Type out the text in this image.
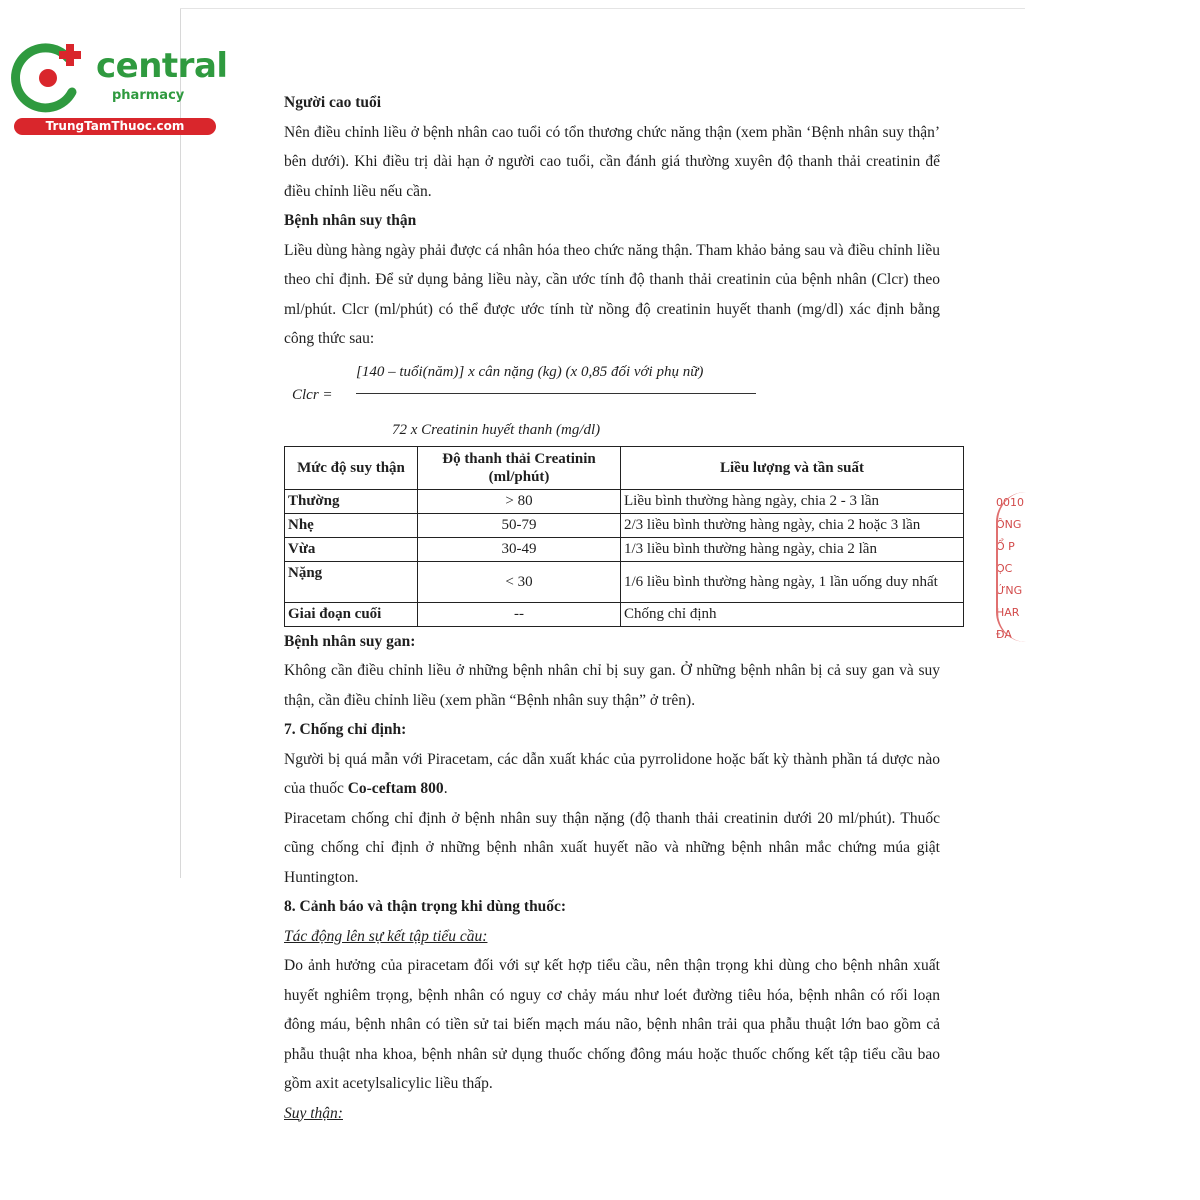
central
pharmacy
TrungTamThuoc.com

Người cao tuổi

Nên điều chỉnh liều ở bệnh nhân cao tuổi có tổn thương chức năng thận (xem phần ‘Bệnh nhân suy thận’ bên dưới). Khi điều trị dài hạn ở người cao tuổi, cần đánh giá thường xuyên độ thanh thải creatinin để điều chỉnh liều nếu cần.

Bệnh nhân suy thận

Liều dùng hàng ngày phải được cá nhân hóa theo chức năng thận. Tham khảo bảng sau và điều chỉnh liều theo chỉ định. Để sử dụng bảng liều này, cần ước tính độ thanh thải creatinin của bệnh nhân (Clcr) theo ml/phút. Clcr (ml/phút) có thể được ước tính từ nồng độ creatinin huyết thanh (mg/dl) xác định bằng công thức sau:

[140 – tuổi(năm)] x cân nặng (kg) (x 0,85 đối với phụ nữ)
Clcr =
72 x Creatinin huyết thanh (mg/dl)
Mức độ suy thận	Độ thanh thải Creatinin (ml/phút)	Liều lượng và tần suất
Thường	> 80	Liều bình thường hàng ngày, chia 2 - 3 lần
Nhẹ	50-79	2/3 liều bình thường hàng ngày, chia 2 hoặc 3 lần
Vừa	30-49	1/3 liều bình thường hàng ngày, chia 2 lần
Nặng	< 30	1/6 liều bình thường hàng ngày, 1 lần uống duy nhất
Giai đoạn cuối	--	Chống chỉ định

Bệnh nhân suy gan:

Không cần điều chỉnh liều ở những bệnh nhân chỉ bị suy gan. Ở những bệnh nhân bị cả suy gan và suy thận, cần điều chỉnh liều (xem phần “Bệnh nhân suy thận” ở trên).

7. Chống chỉ định:

Người bị quá mẫn với Piracetam, các dẫn xuất khác của pyrrolidone hoặc bất kỳ thành phần tá dược nào của thuốc Co-ceftam 800.

Piracetam chống chỉ định ở bệnh nhân suy thận nặng (độ thanh thải creatinin dưới 20 ml/phút). Thuốc cũng chống chỉ định ở những bệnh nhân xuất huyết não và những bệnh nhân mắc chứng múa giật Huntington.

8. Cảnh báo và thận trọng khi dùng thuốc:

Tác động lên sự kết tập tiểu cầu:

Do ảnh hưởng của piracetam đối với sự kết hợp tiểu cầu, nên thận trọng khi dùng cho bệnh nhân xuất huyết nghiêm trọng, bệnh nhân có nguy cơ chảy máu như loét đường tiêu hóa, bệnh nhân có rối loạn đông máu, bệnh nhân có tiền sử tai biến mạch máu não, bệnh nhân trải qua phẫu thuật lớn bao gồm cả phẫu thuật nha khoa, bệnh nhân sử dụng thuốc chống đông máu hoặc thuốc chống kết tập tiểu cầu bao gồm axit acetylsalicylic liều thấp.

Suy thận:

0010
ÔNG
Ổ P
ỌC
ỨNG
HAR
ĐA
